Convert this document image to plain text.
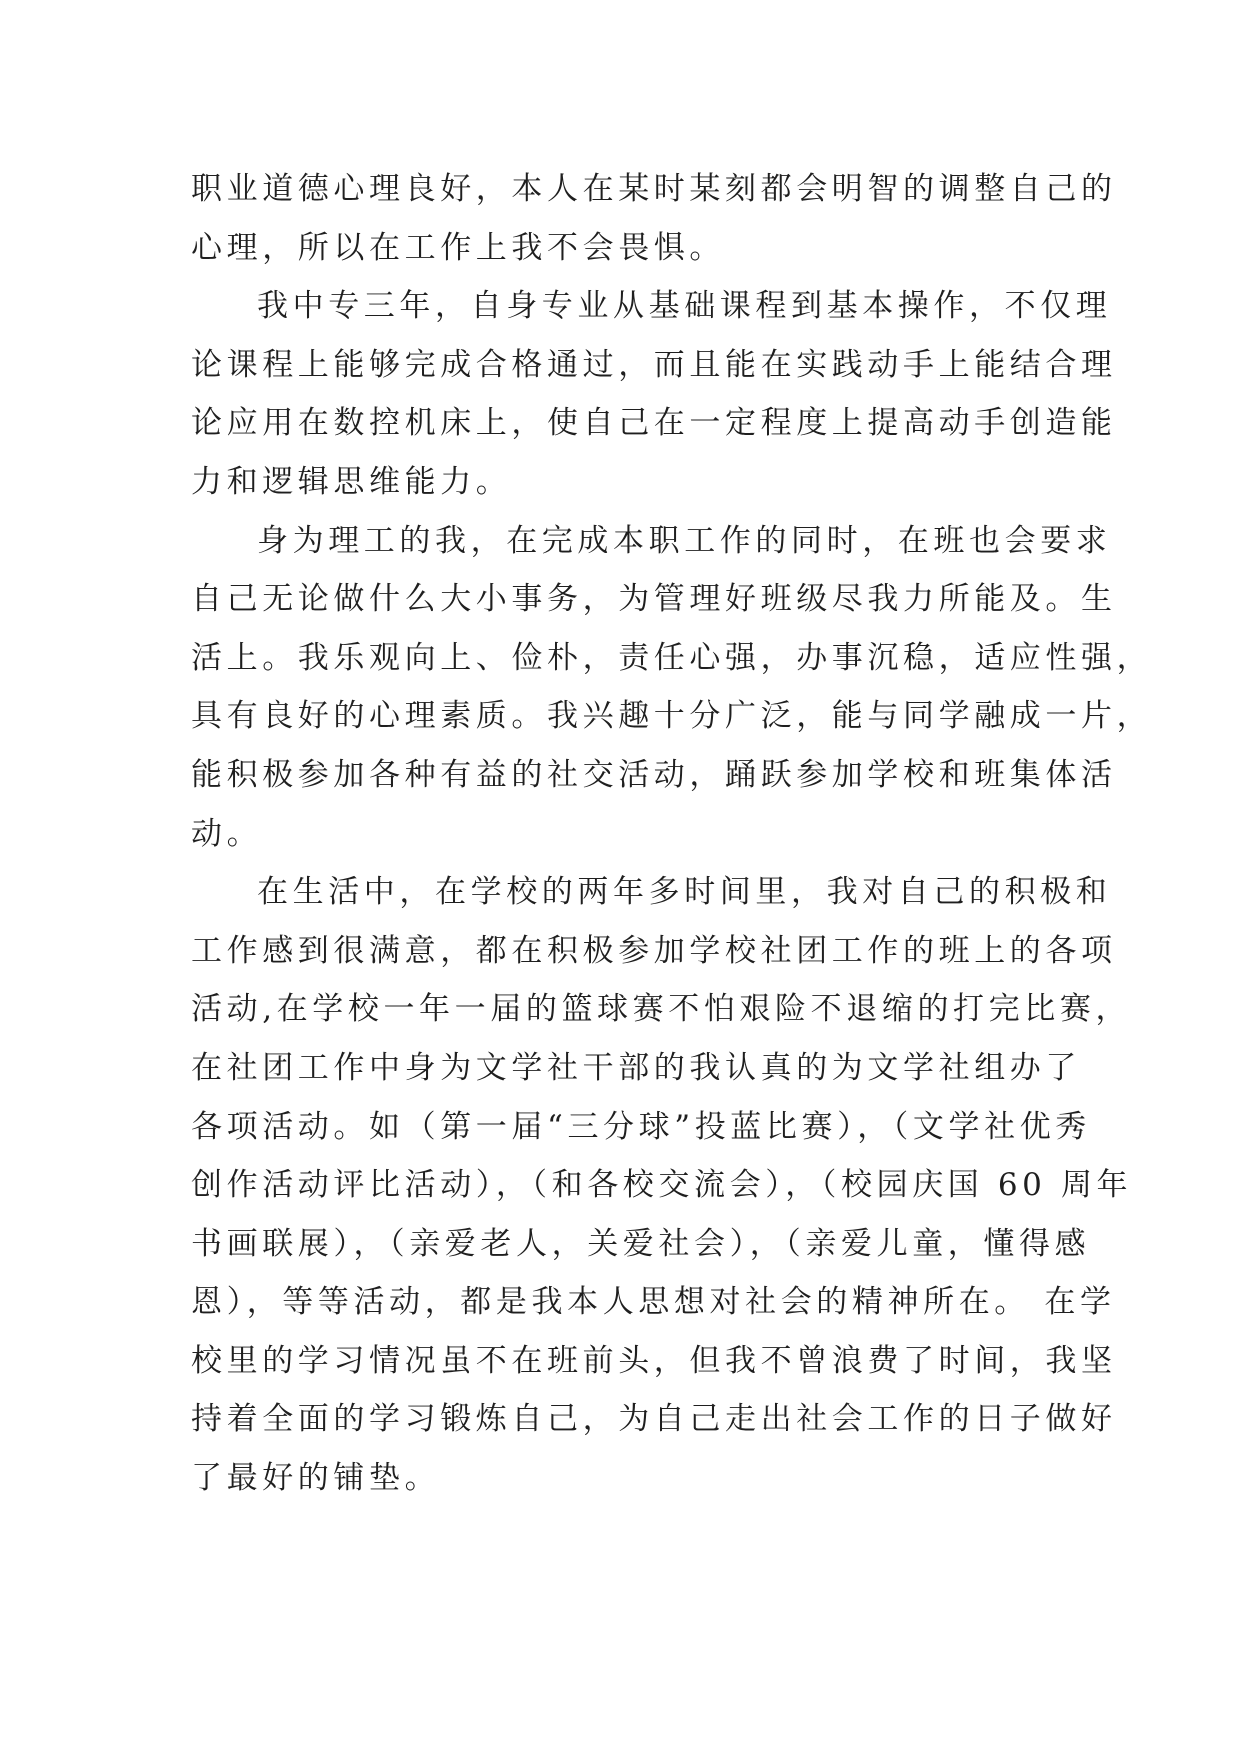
职业道德心理良好，本人在某时某刻都会明智的调整自己的
心理，所以在工作上我不会畏惧。
我中专三年，自身专业从基础课程到基本操作，不仅理
论课程上能够完成合格通过，而且能在实践动手上能结合理
论应用在数控机床上，使自己在一定程度上提高动手创造能
力和逻辑思维能力。
身为理工的我，在完成本职工作的同时，在班也会要求
自己无论做什么大小事务，为管理好班级尽我力所能及。生
活上。我乐观向上、俭朴，责任心强，办事沉稳，适应性强，
具有良好的心理素质。我兴趣十分广泛，能与同学融成一片，
能积极参加各种有益的社交活动，踊跃参加学校和班集体活
动。
在生活中，在学校的两年多时间里，我对自己的积极和
工作感到很满意，都在积极参加学校社团工作的班上的各项
活动,在学校一年一届的篮球赛不怕艰险不退缩的打完比赛，
在社团工作中身为文学社干部的我认真的为文学社组办了
各项活动。如（第一届“三分球”投蓝比赛），（文学社优秀
创作活动评比活动），（和各校交流会），（校园庆国 60 周年
书画联展），（亲爱老人，关爱社会），（亲爱儿童，懂得感
恩），等等活动，都是我本人思想对社会的精神所在。 在学
校里的学习情况虽不在班前头，但我不曾浪费了时间，我坚
持着全面的学习锻炼自己，为自己走出社会工作的日子做好
了最好的铺垫。
